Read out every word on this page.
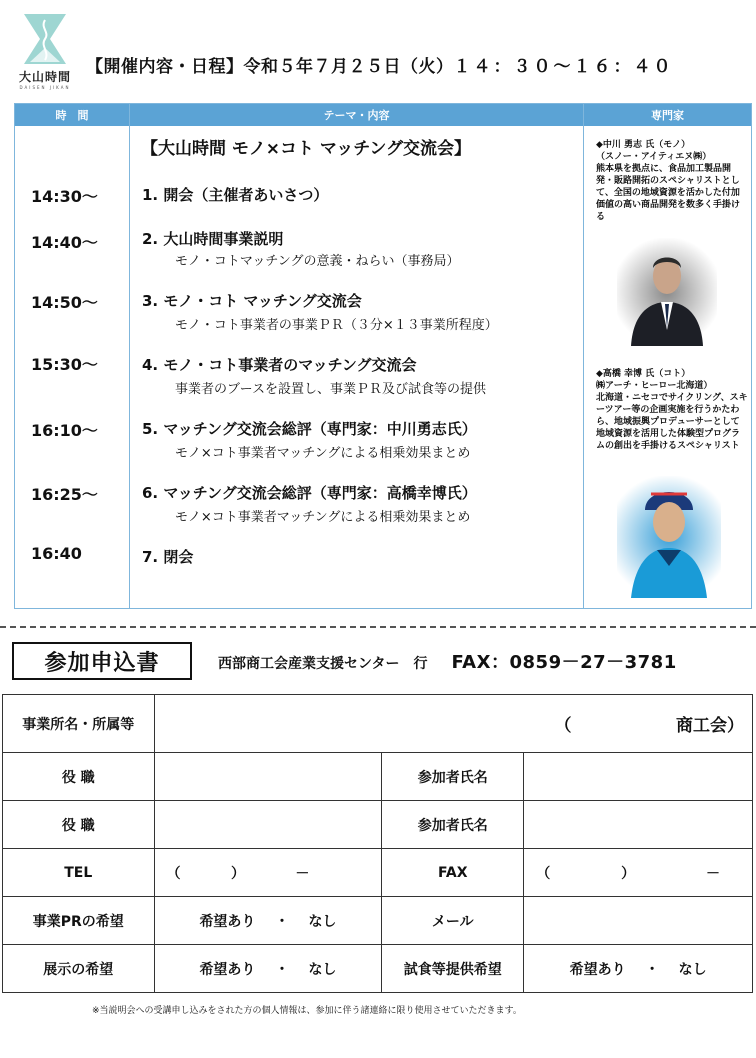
大山時間
DAISEN JIKAN
【開催内容・日程】令和５年７月２５日（火）１４：３０～１６：４０
時　間	テーマ・内容	専門家
【大山時間 モノ×コト マッチング交流会】
14:30～	1. 開会（主催者あいさつ）
14:40～	2. 大山時間事業説明
モノ・コトマッチングの意義・ねらい（事務局）
14:50～	3. モノ・コト マッチング交流会
モノ・コト事業者の事業ＰＲ（３分×１３事業所程度）
15:30～	4. モノ・コト事業者のマッチング交流会
事業者のブースを設置し、事業ＰＲ及び試食等の提供
16:10～	5. マッチング交流会総評（専門家：中川勇志氏）
モノ×コト事業者マッチングによる相乗効果まとめ
16:25～	6. マッチング交流会総評（専門家：高橋幸博氏）
モノ×コト事業者マッチングによる相乗効果まとめ
16:40	7. 閉会
◆中川 勇志 氏（モノ）
（スノー・アイティエヌ㈱）
熊本県を拠点に、食品加工製品開発・販路開拓のスペシャリストとして、全国の地域資源を活かした付加価値の高い商品開発を数多く手掛ける
◆高橋 幸博 氏（コト）
㈱アーチ・ヒーロー北海道）
北海道・ニセコでサイクリング、スキーツアー等の企画実施を行うかたわら、地域振興プロデューサーとして地域資源を活用した体験型プログラムの創出を手掛けるスペシャリスト
参加申込書	西部商工会産業支援センター　行 FAX：0859－27－3781
事業所名・所属等	（ 商工会）		

役 職		参加者氏名	
役 職		参加者氏名	
TEL	（ ） －	FAX	（ ） －

事業PRの希望	希望あり ・ なし	メール	
展示の希望	希望あり ・ なし	試食等提供希望	希望あり ・ なし
※当説明会への受講申し込みをされた方の個人情報は、参加に伴う諸連絡に限り使用させていただきます。
